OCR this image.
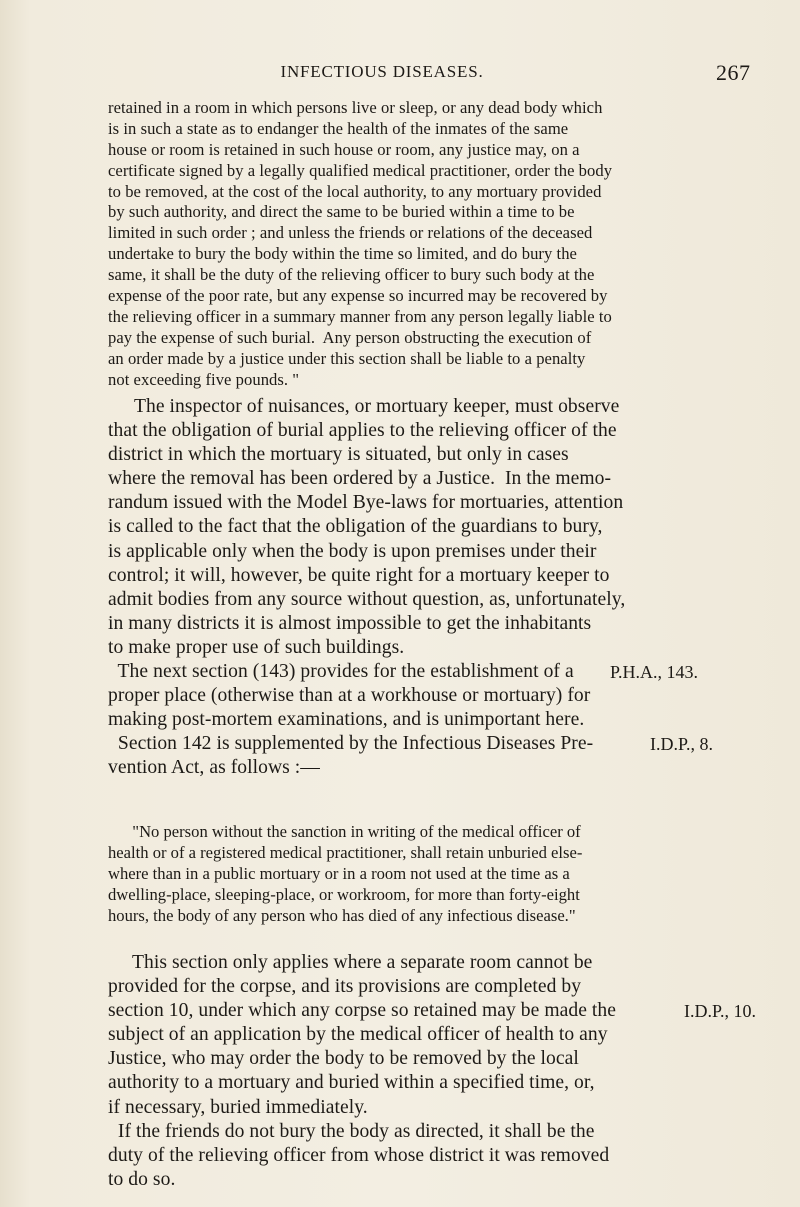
INFECTIOUS DISEASES.	267
retained in a room in which persons live or sleep, or any dead body which
is in such a state as to endanger the health of the inmates of the same
house or room is retained in such house or room, any justice may, on a
certificate signed by a legally qualified medical practitioner, order the body
to be removed, at the cost of the local authority, to any mortuary provided
by such authority, and direct the same to be buried within a time to be
limited in such order ; and unless the friends or relations of the deceased
undertake to bury the body within the time so limited, and do bury the
same, it shall be the duty of the relieving officer to bury such body at the
expense of the poor rate, but any expense so incurred may be recovered by
the relieving officer in a summary manner from any person legally liable to
pay the expense of such burial.  Any person obstructing the execution of
an order made by a justice under this section shall be liable to a penalty
not exceeding five pounds. "
The inspector of nuisances, or mortuary keeper, must observe
that the obligation of burial applies to the relieving officer of the
district in which the mortuary is situated, but only in cases
where the removal has been ordered by a Justice.  In the memo-
randum issued with the Model Bye-laws for mortuaries, attention
is called to the fact that the obligation of the guardians to bury,
is applicable only when the body is upon premises under their
control; it will, however, be quite right for a mortuary keeper to
admit bodies from any source without question, as, unfortunately,
in many districts it is almost impossible to get the inhabitants
to make proper use of such buildings.
The next section (143) provides for the establishment of a P.H.A., 143.
proper place (otherwise than at a workhouse or mortuary) for
making post-mortem examinations, and is unimportant here.
Section 142 is supplemented by the Infectious Diseases Pre-	I.D.P., 8.
vention Act, as follows :—
"No person without the sanction in writing of the medical officer of
health or of a registered medical practitioner, shall retain unburied else-
where than in a public mortuary or in a room not used at the time as a
dwelling-place, sleeping-place, or workroom, for more than forty-eight
hours, the body of any person who has died of any infectious disease."
This section only applies where a separate room cannot be
provided for the corpse, and its provisions are completed by
section 10, under which any corpse so retained may be made the	I.D.P., 10.
subject of an application by the medical officer of health to any
Justice, who may order the body to be removed by the local
authority to a mortuary and buried within a specified time, or,
if necessary, buried immediately.
If the friends do not bury the body as directed, it shall be the
duty of the relieving officer from whose district it was removed
to do so.
